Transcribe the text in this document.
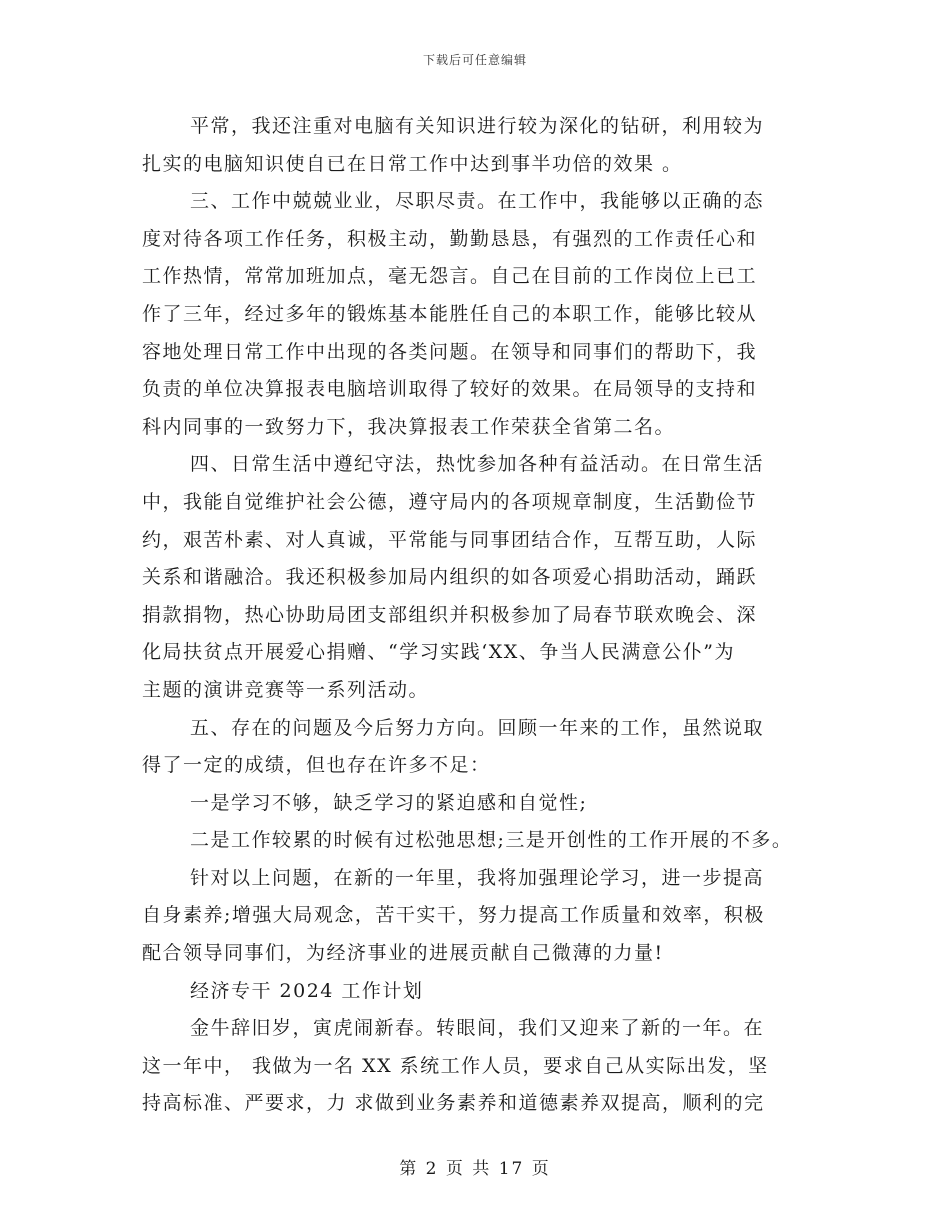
下载后可任意编辑
平常，我还注重对电脑有关知识进行较为深化的钻研，利用较为
扎实的电脑知识使自已在日常工作中达到事半功倍的效果 。
三、工作中兢兢业业，尽职尽责。在工作中，我能够以正确的态
度对待各项工作任务，积极主动，勤勤恳恳，有强烈的工作责任心和
工作热情，常常加班加点，毫无怨言。自己在目前的工作岗位上已工
作了三年，经过多年的锻炼基本能胜任自己的本职工作，能够比较从
容地处理日常工作中出现的各类问题。在领导和同事们的帮助下，我
负责的单位决算报表电脑培训取得了较好的效果。在局领导的支持和
科内同事的一致努力下，我决算报表工作荣获全省第二名。
四、日常生活中遵纪守法，热忱参加各种有益活动。在日常生活
中，我能自觉维护社会公德，遵守局内的各项规章制度，生活勤俭节
约，艰苦朴素、对人真诚，平常能与同事团结合作，互帮互助，人际
关系和谐融洽。我还积极参加局内组织的如各项爱心捐助活动，踊跃
捐款捐物，热心协助局团支部组织并积极参加了局春节联欢晚会、深
化局扶贫点开展爱心捐赠、“学习实践‘XX、争当人民满意公仆”为
主题的演讲竞赛等一系列活动。
五、存在的问题及今后努力方向。回顾一年来的工作，虽然说取
得了一定的成绩，但也存在许多不足：
一是学习不够，缺乏学习的紧迫感和自觉性;
二是工作较累的时候有过松弛思想;三是开创性的工作开展的不多。
针对以上问题，在新的一年里，我将加强理论学习，进一步提高
自身素养;增强大局观念，苦干实干，努力提高工作质量和效率，积极
配合领导同事们，为经济事业的进展贡献自己微薄的力量!
经济专干 2024 工作计划
金牛辞旧岁，寅虎闹新春。转眼间，我们又迎来了新的一年。在
这一年中， 我做为一名 XX 系统工作人员，要求自己从实际出发，坚
持高标准、严要求，力 求做到业务素养和道德素养双提高，顺利的完
第 2 页 共 17 页
